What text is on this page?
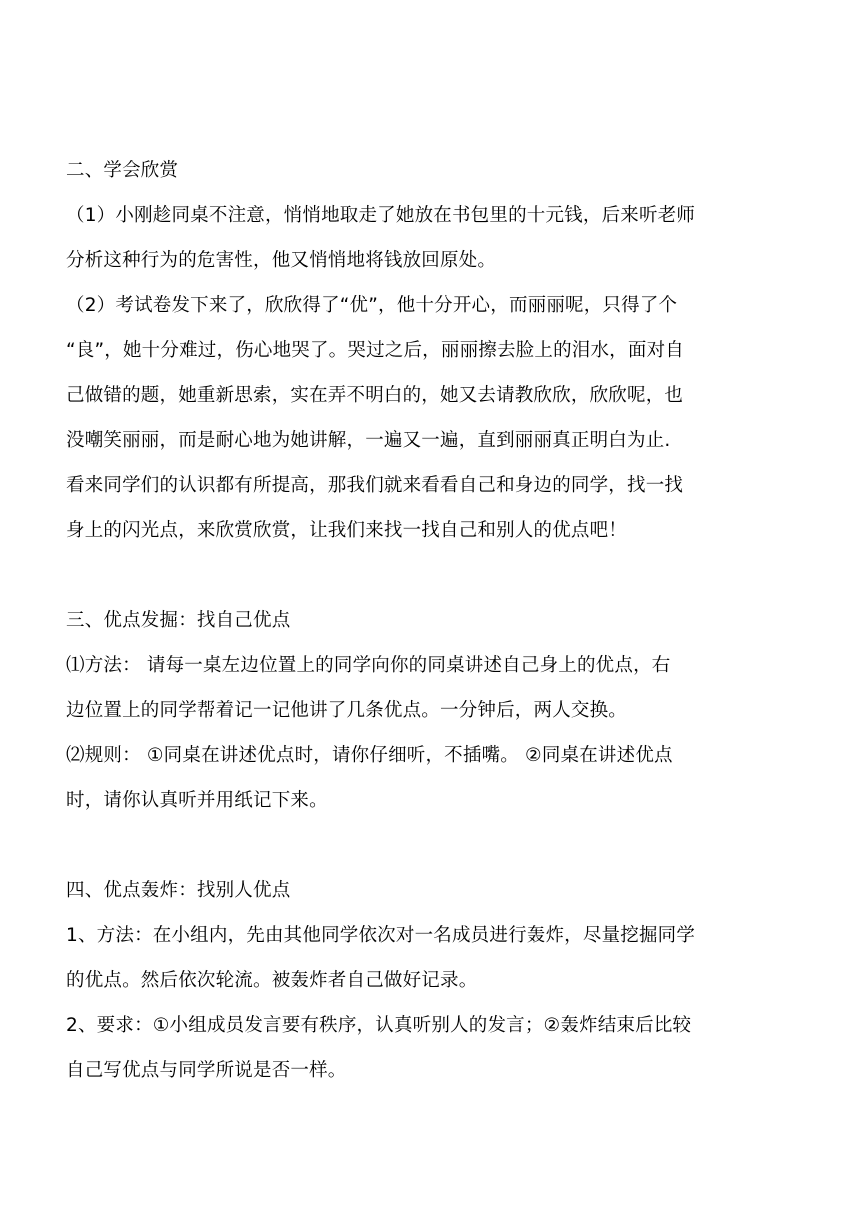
二、学会欣赏
（1）小刚趁同桌不注意，悄悄地取走了她放在书包里的十元钱，后来听老师
分析这种行为的危害性，他又悄悄地将钱放回原处。
（2）考试卷发下来了，欣欣得了“优”，他十分开心，而丽丽呢，只得了个
“良”，她十分难过，伤心地哭了。哭过之后，丽丽擦去脸上的泪水，面对自
己做错的题，她重新思索，实在弄不明白的，她又去请教欣欣，欣欣呢，也
没嘲笑丽丽，而是耐心地为她讲解，一遍又一遍，直到丽丽真正明白为止.
看来同学们的认识都有所提高，那我们就来看看自己和身边的同学，找一找
身上的闪光点，来欣赏欣赏，让我们来找一找自己和别人的优点吧！
三、优点发掘：找自己优点
⑴方法： 请每一桌左边位置上的同学向你的同桌讲述自己身上的优点，右
边位置上的同学帮着记一记他讲了几条优点。一分钟后，两人交换。
⑵规则： ①同桌在讲述优点时，请你仔细听，不插嘴。 ②同桌在讲述优点
时，请你认真听并用纸记下来。
四、优点轰炸：找别人优点
1、方法：在小组内，先由其他同学依次对一名成员进行轰炸，尽量挖掘同学
的优点。然后依次轮流。被轰炸者自己做好记录。
2、要求：①小组成员发言要有秩序，认真听别人的发言；②轰炸结束后比较
自己写优点与同学所说是否一样。
